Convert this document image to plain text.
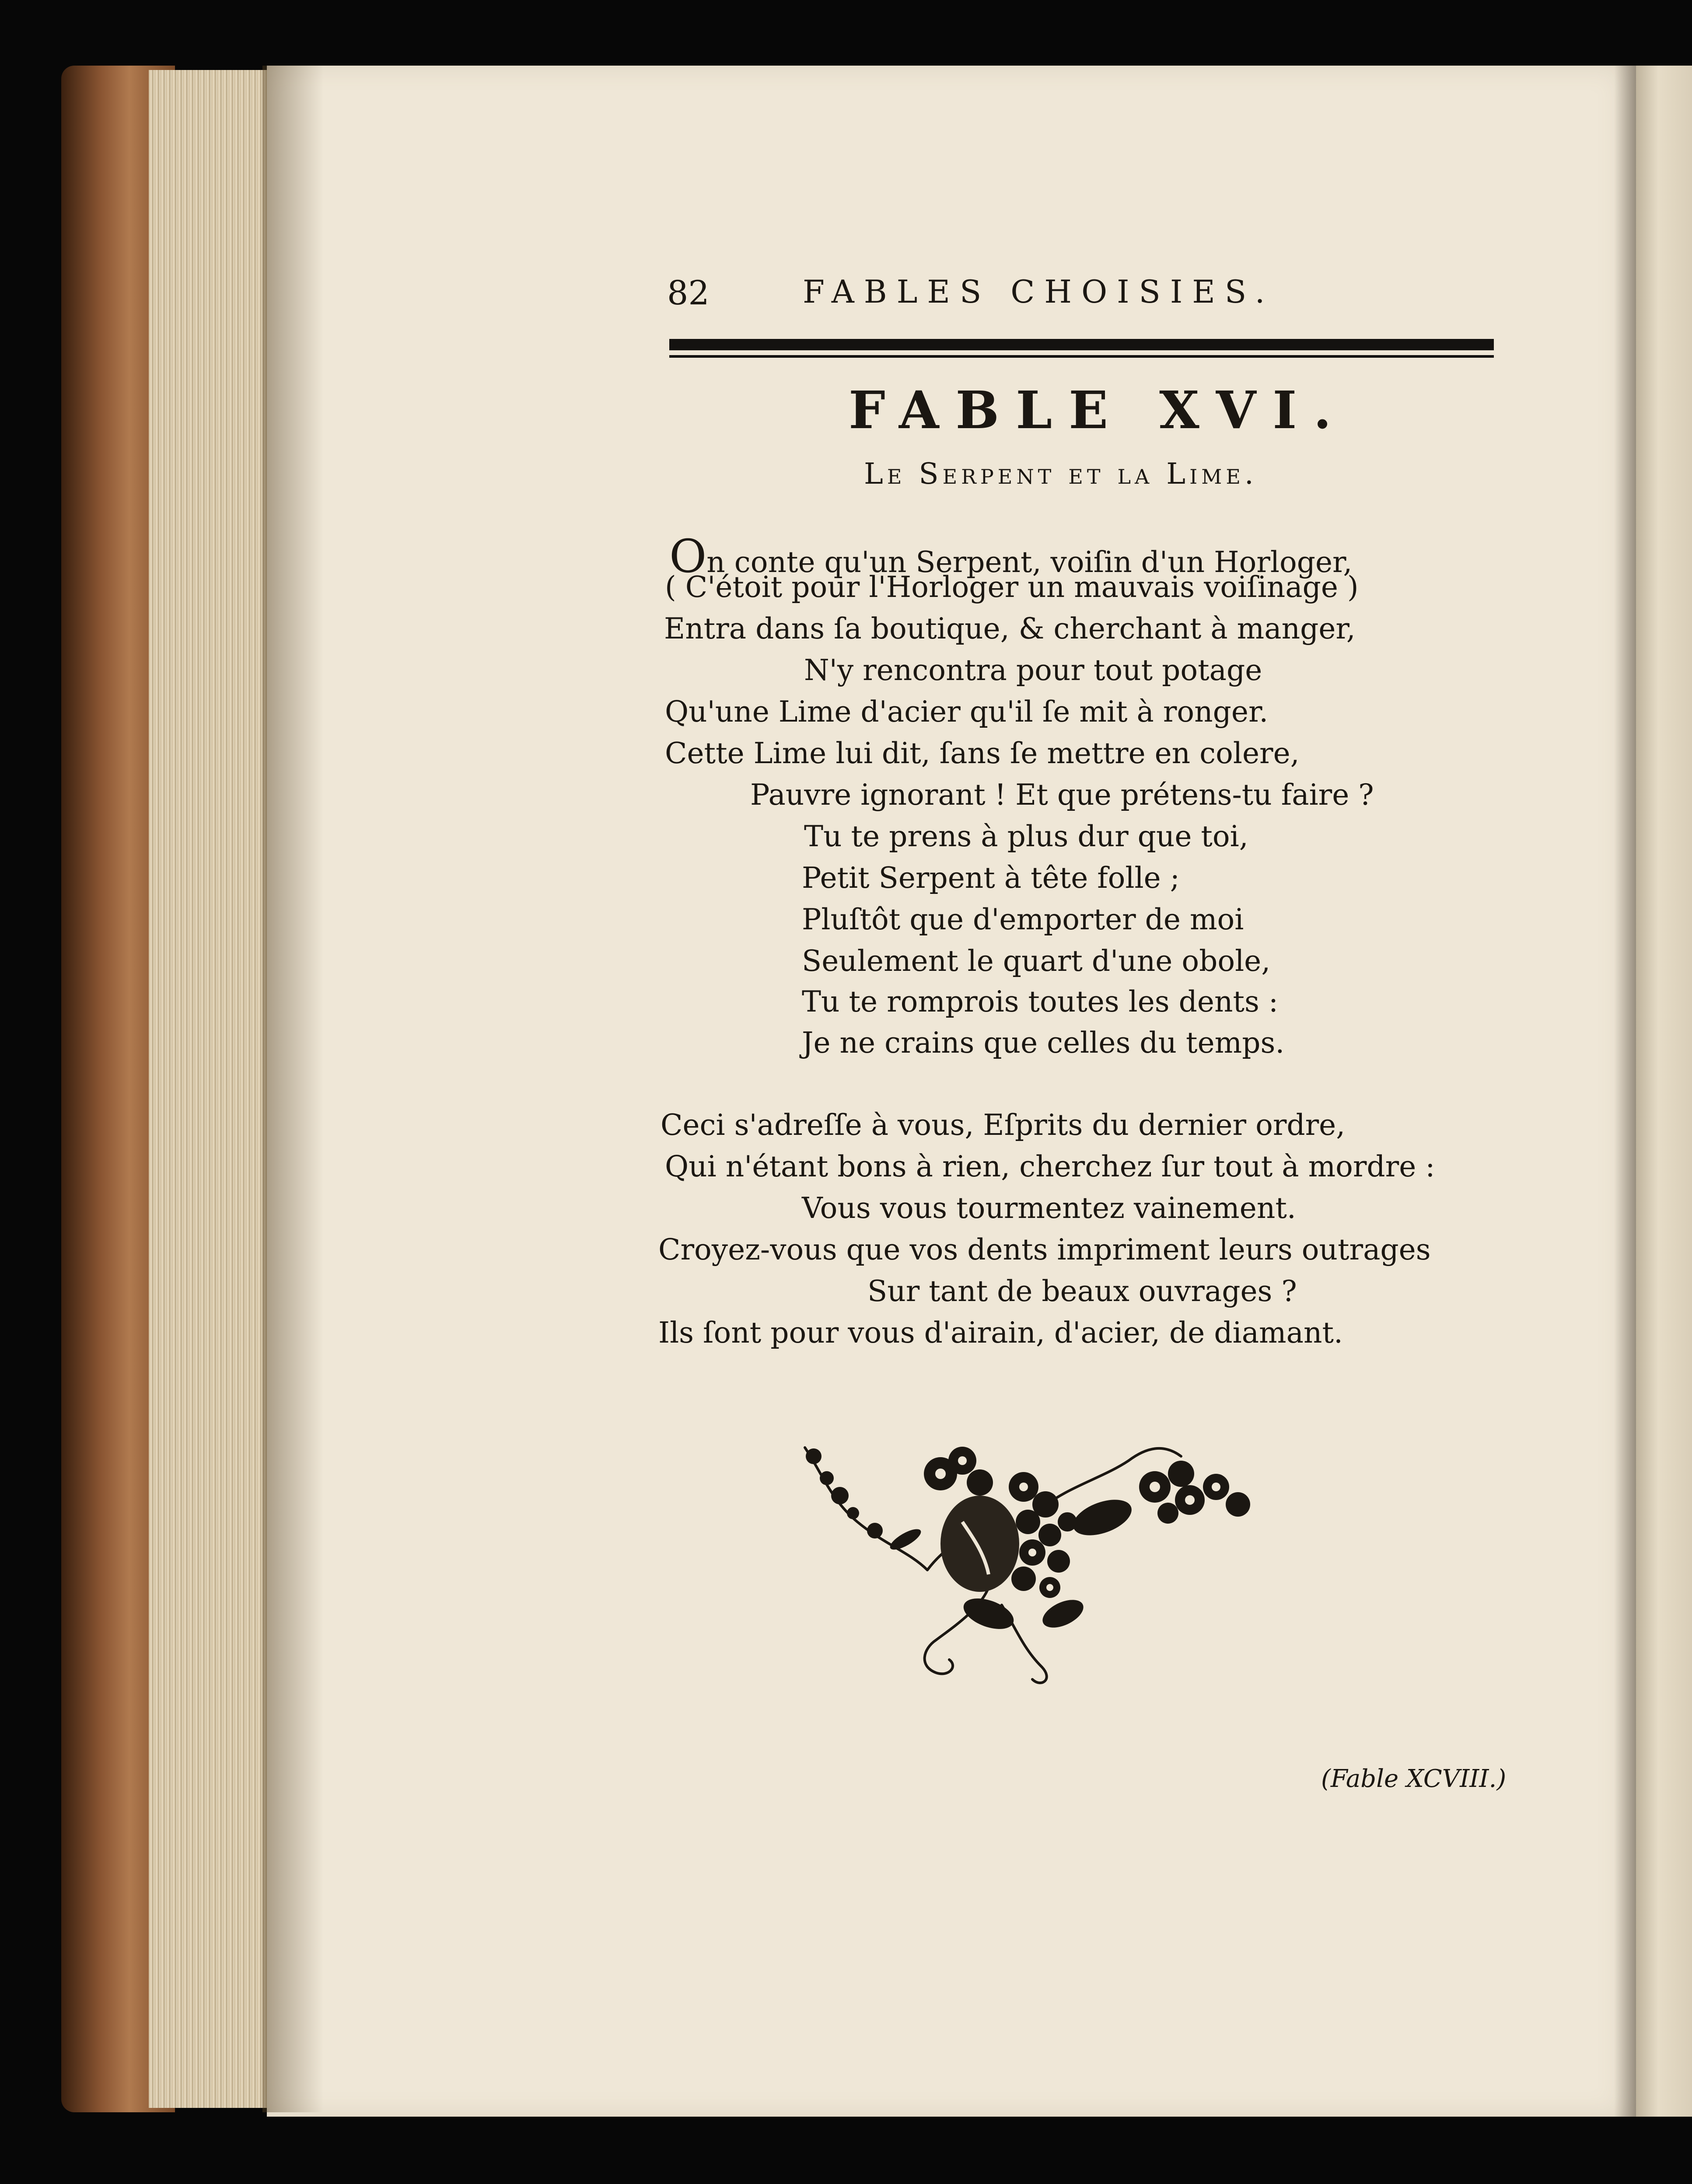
82	FABLES CHOISIES.
FABLE XVI.
Le Serpent et la Lime.
On conte qu'un Serpent, voiſin d'un Horloger,
( C'étoit pour l'Horloger un mauvais voiſinage )
Entra dans ſa boutique, & cherchant à manger,
N'y rencontra pour tout potage
Qu'une Lime d'acier qu'il ſe mit à ronger.
Cette Lime lui dit, ſans ſe mettre en colere,
Pauvre ignorant ! Et que prétens-tu faire ?
Tu te prens à plus dur que toi,
Petit Serpent à tête folle ;
Pluſtôt que d'emporter de moi
Seulement le quart d'une obole,
Tu te romprois toutes les dents :
Je ne crains que celles du temps.
Ceci s'adreſſe à vous, Eſprits du dernier ordre,
Qui n'étant bons à rien, cherchez ſur tout à mordre :
Vous vous tourmentez vainement.
Croyez-vous que vos dents impriment leurs outrages
Sur tant de beaux ouvrages ?
Ils ſont pour vous d'airain, d'acier, de diamant.
(Fable XCVIII.)
